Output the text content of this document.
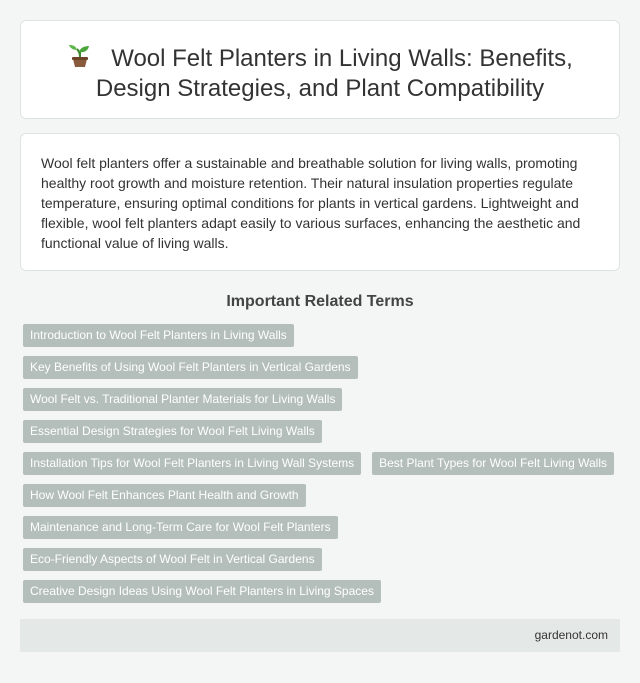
Wool Felt Planters in Living Walls: Benefits, Design Strategies, and Plant Compatibility

Wool felt planters offer a sustainable and breathable solution for living walls, promoting healthy root growth and moisture retention. Their natural insulation properties regulate temperature, ensuring optimal conditions for plants in vertical gardens. Lightweight and flexible, wool felt planters adapt easily to various surfaces, enhancing the aesthetic and functional value of living walls.

Important Related Terms
Introduction to Wool Felt Planters in Living Walls
Key Benefits of Using Wool Felt Planters in Vertical Gardens
Wool Felt vs. Traditional Planter Materials for Living Walls
Essential Design Strategies for Wool Felt Living Walls
Installation Tips for Wool Felt Planters in Living Wall Systems	Best Plant Types for Wool Felt Living Walls
How Wool Felt Enhances Plant Health and Growth
Maintenance and Long-Term Care for Wool Felt Planters
Eco-Friendly Aspects of Wool Felt in Vertical Gardens
Creative Design Ideas Using Wool Felt Planters in Living Spaces
gardenot.com
